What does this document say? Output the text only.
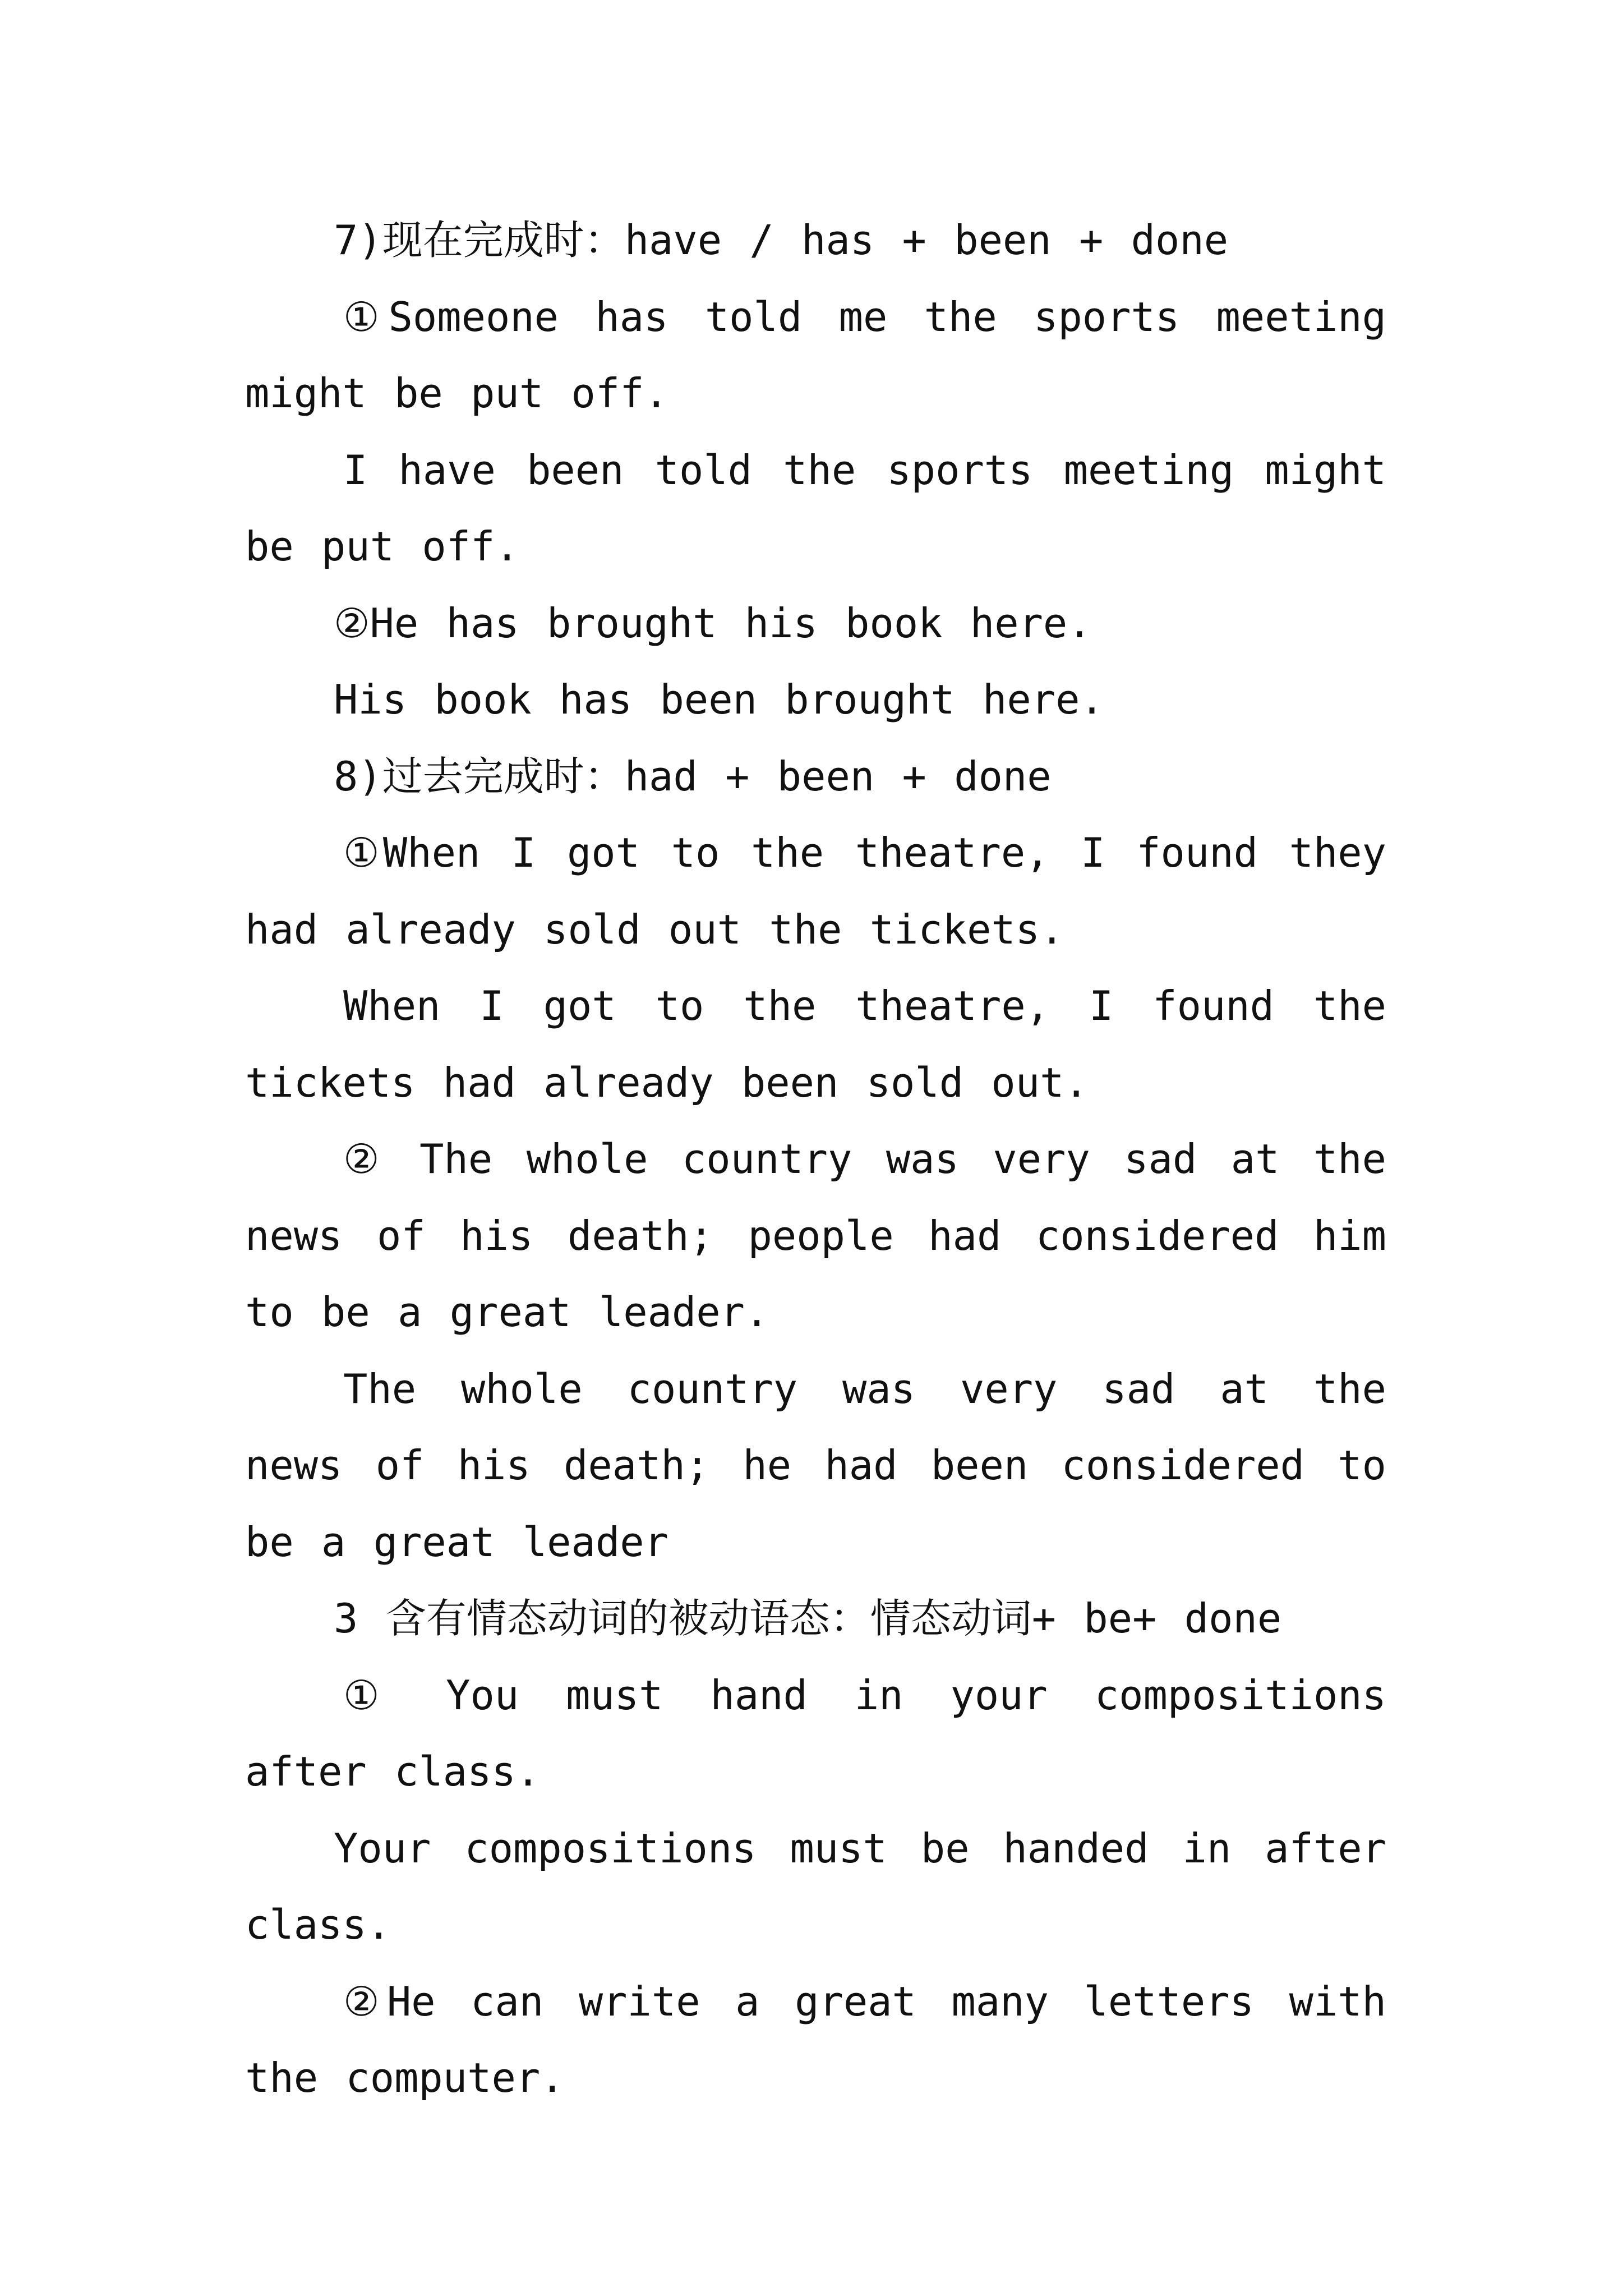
7)现在完成时：have / has + been + done

①Someone has told me the sports meeting might be put off.

I have been told the sports meeting might be put off.

②He has brought his book here.

His book has been brought here.

8)过去完成时：had + been + done

①When I got to the theatre, I found they had already sold out the tickets.

When I got to the theatre, I found the tickets had already been sold out.

② The whole country was very sad at the news of his death; people had considered him to be a great leader.

The whole country was very sad at the news of his death; he had been considered to be a great leader

3 含有情态动词的被动语态：情态动词+ be+ done

① You must hand in your compositions after class.

Your compositions must be handed in after class.

②He can write a great many letters with the computer.
